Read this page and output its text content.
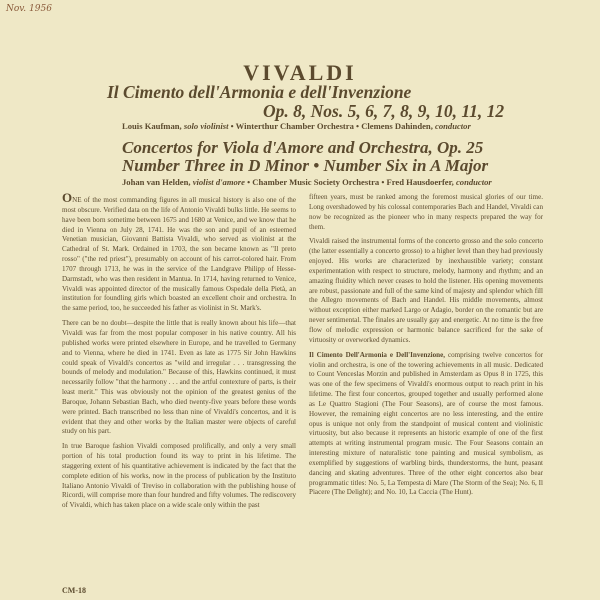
Nov. 1956
VIVALDI
Il Cimento dell'Armonia e dell'Invenzione
Op. 8, Nos. 5, 6, 7, 8, 9, 10, 11, 12
Louis Kaufman, solo violinist • Winterthur Chamber Orchestra • Clemens Dahinden, conductor
Concertos for Viola d'Amore and Orchestra, Op. 25
Number Three in D Minor • Number Six in A Major
Johan van Helden, violist d'amore • Chamber Music Society Orchestra • Fred Hausdoerfer, conductor

ONE of the most commanding figures in all musical history is also one of the most obscure. Verified data on the life of Antonio Vivaldi bulks little. He seems to have been born sometime between 1675 and 1680 at Venice, and we know that he died in Vienna on July 28, 1741. He was the son and pupil of an esteemed Venetian musician, Giovanni Battista Vivaldi, who served as violinist at the Cathedral of St. Mark. Ordained in 1703, the son became known as "Il preto rosso" ("the red priest"), presumably on account of his carrot-colored hair. From 1707 through 1713, he was in the service of the Landgrave Philipp of Hesse-Darmstadt, who was then resident in Mantua. In 1714, having returned to Venice, Vivaldi was appointed director of the musically famous Ospedale della Pietà, an institution for foundling girls which boasted an excellent choir and orchestra. In the same period, too, he succeeded his father as violinist in St. Mark's.

There can be no doubt—despite the little that is really known about his life—that Vivaldi was far from the most popular composer in his native country. All his published works were printed elsewhere in Europe, and he travelled to Germany and to Vienna, where he died in 1741. Even as late as 1775 Sir John Hawkins could speak of Vivaldi's concertos as "wild and irregular . . . transgressing the bounds of melody and modulation." Because of this, Hawkins continued, it must necessarily follow "that the harmony . . . and the artful contexture of parts, is their least merit." This was obviously not the opinion of the greatest genius of the Baroque, Johann Sebastian Bach, who died twenty-five years before these words were printed. Bach transcribed no less than nine of Vivaldi's concertos, and it is evident that they and other works by the Italian master were objects of careful study on his part.

In true Baroque fashion Vivaldi composed prolifically, and only a very small portion of his total production found its way to print in his lifetime. The staggering extent of his quantitative achievement is indicated by the fact that the complete edition of his works, now in the process of publication by the Instituto Italiano Antonio Vivaldi of Treviso in collaboration with the publishing house of Ricordi, will comprise more than four hundred and fifty volumes. The rediscovery of Vivaldi, which has taken place on a wide scale only within the past

fifteen years, must be ranked among the foremost musical glories of our time. Long overshadowed by his colossal contemporaries Bach and Handel, Vivaldi can now be recognized as the pioneer who in many respects prepared the way for them.

Vivaldi raised the instrumental forms of the concerto grosso and the solo concerto (the latter essentially a concerto grosso) to a higher level than they had previously enjoyed. His works are characterized by inexhaustible variety; constant experimentation with respect to structure, melody, harmony and rhythm; and an amazing fluidity which never ceases to hold the listener. His opening movements are robust, passionate and full of the same kind of majesty and splendor which fill the Allegro movements of Bach and Handel. His middle movements, almost without exception either marked Largo or Adagio, border on the romantic but are never sentimental. The finales are usually gay and energetic. At no time is the free flow of melodic expression or harmonic balance sacrificed for the sake of virtuosity or overworked dynamics.

Il Cimento Dell'Armonia e Dell'Invenzione, comprising twelve concertos for violin and orchestra, is one of the towering achievements in all music. Dedicated to Count Venceslas Morzin and published in Amsterdam as Opus 8 in 1725, this was one of the few specimens of Vivaldi's enormous output to reach print in his lifetime. The first four concertos, grouped together and usually performed alone as Le Quattro Stagioni (The Four Seasons), are of course the most famous. However, the remaining eight concertos are no less interesting, and the entire opus is unique not only from the standpoint of musical content and violinistic virtuosity, but also because it represents an historic example of one of the first attempts at writing instrumental program music. The Four Seasons contain an interesting mixture of naturalistic tone painting and musical symbolism, as exemplified by suggestions of warbling birds, thunderstorms, the hunt, peasant dancing and skating adventures. Three of the other eight concertos also bear programmatic titles: No. 5, La Tempesta di Mare (The Storm of the Sea); No. 6, Il Piacere (The Delight); and No. 10, La Caccia (The Hunt).

CM-18
